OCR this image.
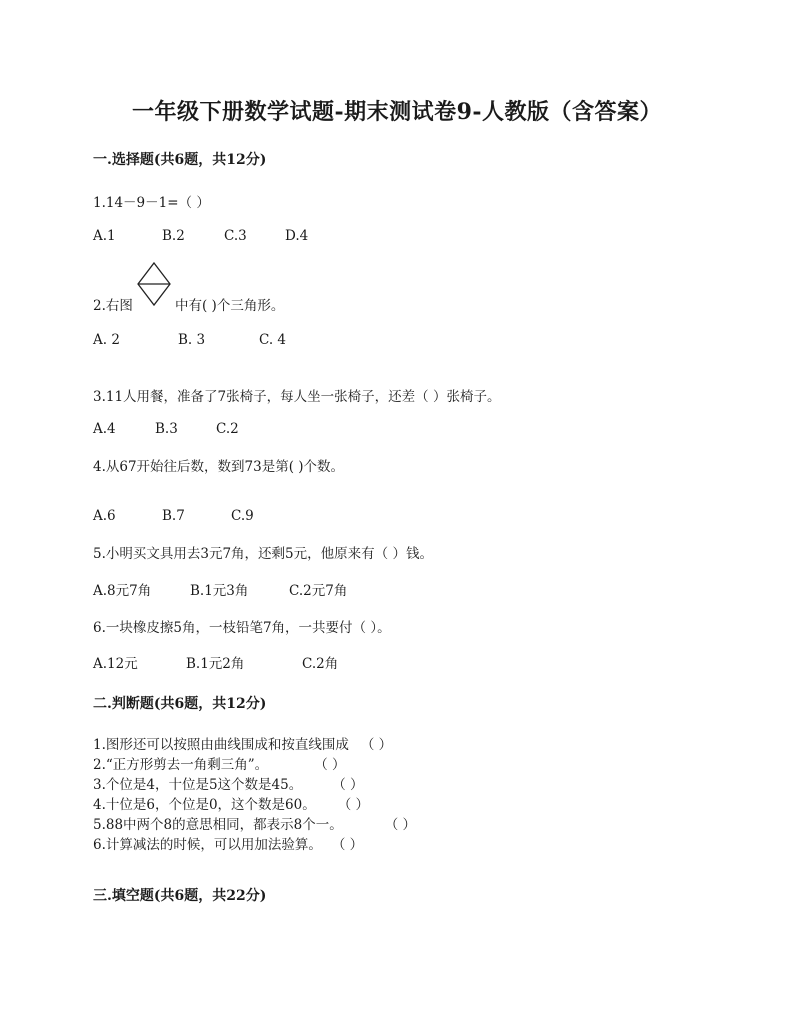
一年级下册数学试题-期末测试卷9-人教版（含答案）
一.选择题(共6题，共12分)
1.14－9－1=（ ）
A.1	B.2	C.3	D.4
2.右图	中有( )个三角形。
A. 2	B. 3	C. 4
3.11人用餐，准备了7张椅子，每人坐一张椅子，还差（ ）张椅子。
A.4	B.3	C.2
4.从67开始往后数，数到73是第( )个数。
A.6	B.7	C.9
5.小明买文具用去3元7角，还剩5元，他原来有（ ）钱。
A.8元7角	B.1元3角	C.2元7角
6.一块橡皮擦5角，一枝铅笔7角，一共要付（ ）。
A.12元	B.1元2角	C.2角
二.判断题(共6题，共12分)
1.图形还可以按照由曲线围成和按直线围成 （ ）
2.“正方形剪去一角剩三角”。	（ ）
3.个位是4，十位是5这个数是45。 （ ）
4.十位是6，个位是0，这个数是60。 （ ）
5.88中两个8的意思相同，都表示8个一。	（ ）
6.计算减法的时候，可以用加法验算。 （ ）
三.填空题(共6题，共22分)
